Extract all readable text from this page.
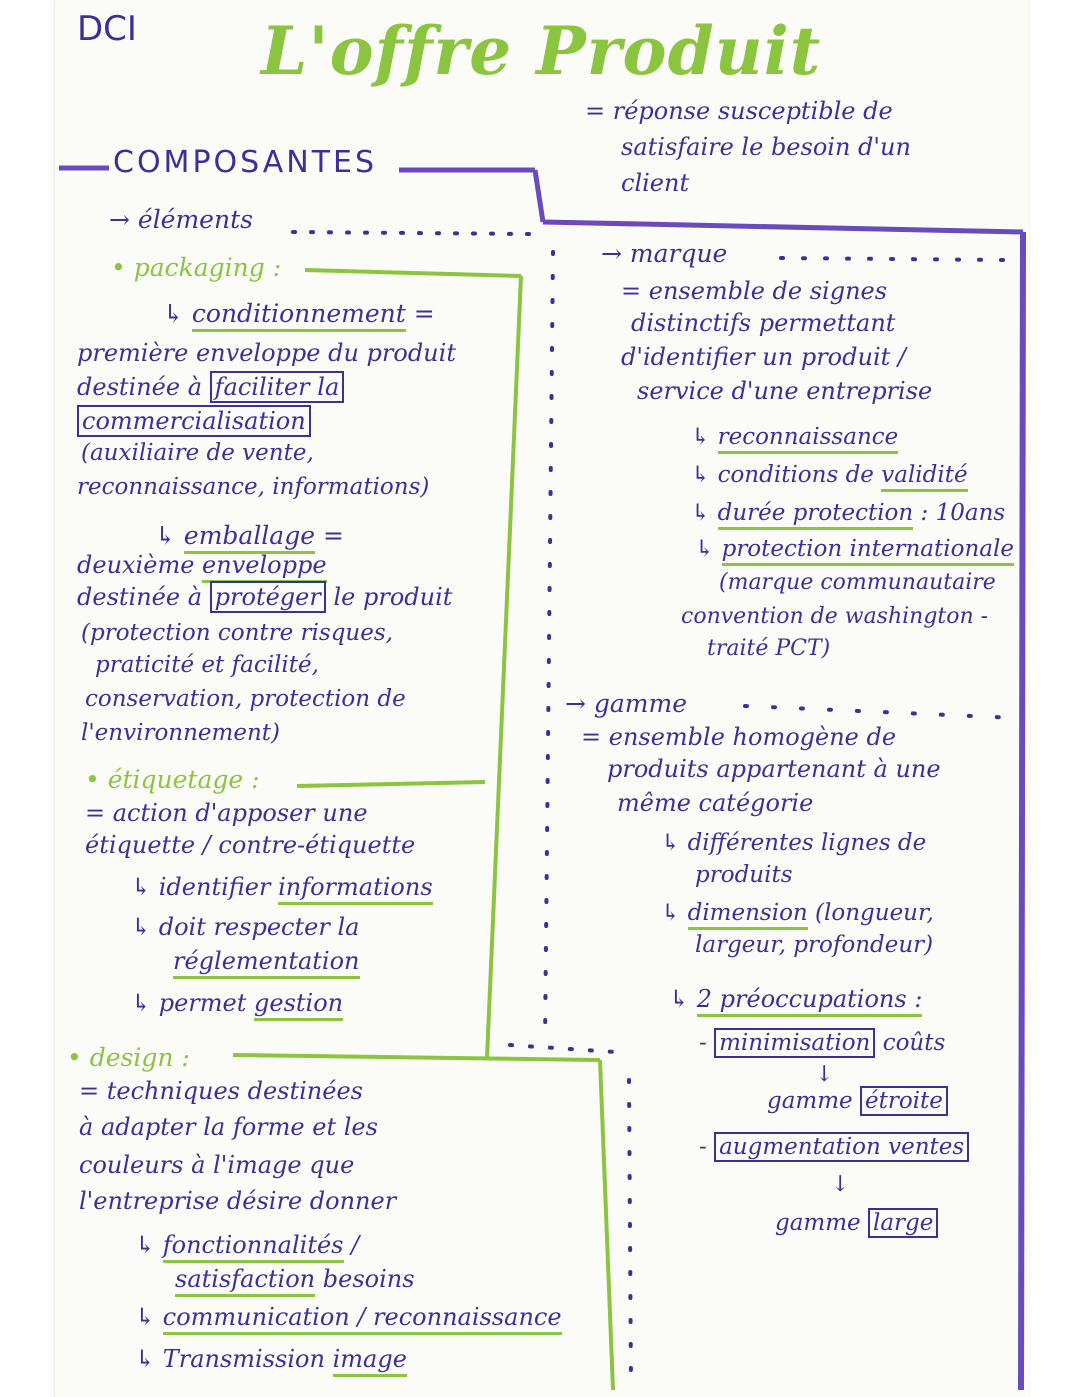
DCI L'offre Produit
= réponse susceptible de
satisfaire le besoin d'un
client
COMPOSANTES
→ éléments
• packaging :
↳ conditionnement =
première enveloppe du produit
destinée à faciliter la
commercialisation
(auxiliaire de vente,
reconnaissance, informations)
↳ emballage =
deuxième enveloppe
destinée à protéger le produit
(protection contre risques,
praticité et facilité,
conservation, protection de
l'environnement)
• étiquetage :
= action d'apposer une
étiquette / contre-étiquette
↳ identifier informations
↳ doit respecter la
réglementation
↳ permet gestion
• design :
= techniques destinées
à adapter la forme et les
couleurs à l'image que
l'entreprise désire donner
↳ fonctionnalités /
satisfaction besoins
↳ communication / reconnaissance
↳ Transmission image
→ marque
= ensemble de signes
distinctifs permettant
d'identifier un produit /
service d'une entreprise
↳ reconnaissance
↳ conditions de validité
↳ durée protection : 10ans
↳ protection internationale
(marque communautaire
convention de washington -
traité PCT)
→ gamme
= ensemble homogène de
produits appartenant à une
même catégorie
↳ différentes lignes de
produits
↳ dimension (longueur,
largeur, profondeur)
↳ 2 préoccupations :
- minimisation coûts
↓
gamme étroite
- augmentation ventes
↓
gamme large
